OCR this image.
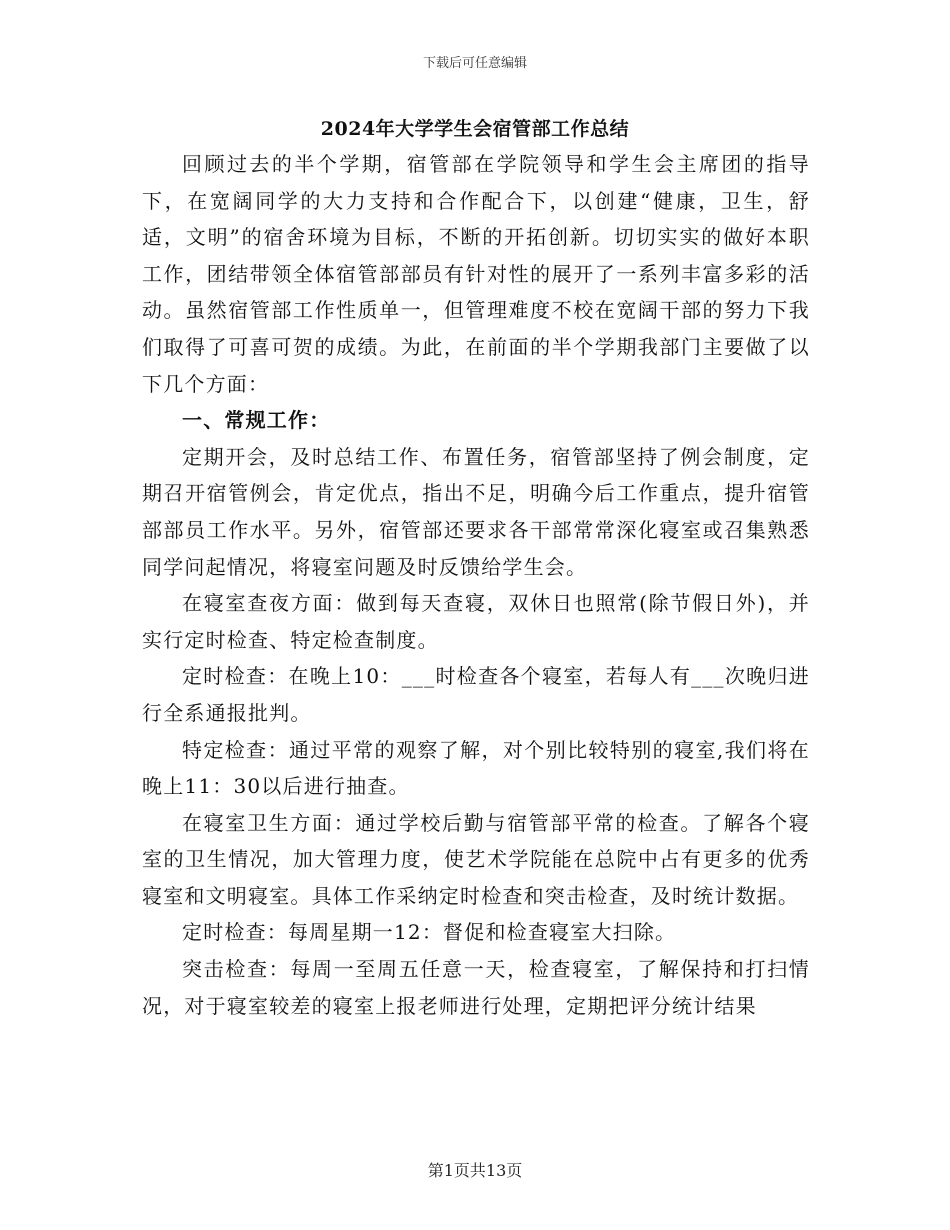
下载后可任意编辑
2024年大学学生会宿管部工作总结

回顾过去的半个学期，宿管部在学院领导和学生会主席团的指导下，在宽阔同学的大力支持和合作配合下，以创建“健康，卫生，舒适，文明”的宿舍环境为目标，不断的开拓创新。切切实实的做好本职工作，团结带领全体宿管部部员有针对性的展开了一系列丰富多彩的活动。虽然宿管部工作性质单一，但管理难度不校在宽阔干部的努力下我们取得了可喜可贺的成绩。为此，在前面的半个学期我部门主要做了以下几个方面：

一、常规工作：

定期开会，及时总结工作、布置任务，宿管部坚持了例会制度，定期召开宿管例会，肯定优点，指出不足，明确今后工作重点，提升宿管部部员工作水平。另外，宿管部还要求各干部常常深化寝室或召集熟悉同学问起情况，将寝室问题及时反馈给学生会。

在寝室查夜方面：做到每天查寝，双休日也照常(除节假日外)，并实行定时检查、特定检查制度。

定时检查：在晚上10：___时检查各个寝室，若每人有___次晚归进行全系通报批判。

特定检查：通过平常的观察了解，对个别比较特别的寝室,我们将在晚上11：30以后进行抽查。

在寝室卫生方面：通过学校后勤与宿管部平常的检查。了解各个寝室的卫生情况，加大管理力度，使艺术学院能在总院中占有更多的优秀寝室和文明寝室。具体工作采纳定时检查和突击检查，及时统计数据。

定时检查：每周星期一12：督促和检查寝室大扫除。

突击检查：每周一至周五任意一天，检查寝室，了解保持和打扫情况，对于寝室较差的寝室上报老师进行处理，定期把评分统计结果

第1页共13页
